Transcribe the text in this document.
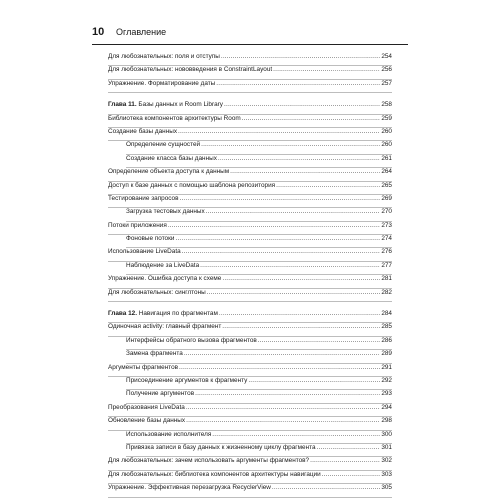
10	Оглавление
Для любознательных: поля и отступы .....	254
Для любознательных: нововведения в ConstraintLayout .....	256
Упражнение. Форматирование даты .....	257
Глава 11. Базы данных и Room Library .....	258
Библиотека компонентов архитектуры Room .....	259
Создание базы данных .....	260
Определение сущностей .....	260
Создание класса базы данных .....	261
Определение объекта доступа к данным .....	264
Доступ к базе данных с помощью шаблона репозитория .....	265
Тестирование запросов .....	269
Загрузка тестовых данных .....	270
Потоки приложения .....	273
Фоновые потоки .....	274
Использование LiveData .....	276
Наблюдение за LiveData .....	277
Упражнение. Ошибка доступа к схеме .....	281
Для любознательных: синглтоны .....	282
Глава 12. Навигация по фрагментам .....	284
Одиночная activity: главный фрагмент .....	285
Интерфейсы обратного вызова фрагментов .....	286
Замена фрагмента .....	289
Аргументы фрагментов .....	291
Присоединение аргументов к фрагменту .....	292
Получение аргументов .....	293
Преобразования LiveData .....	294
Обновление базы данных .....	298
Использование исполнителя .....	300
Привязка записи в базу данных к жизненному циклу фрагмента .....	301
Для любознательных: зачем использовать аргументы фрагментов? .....	302
Для любознательных: библиотека компонентов архитектуры навигации .....	303
Упражнение. Эффективная перезагрузка RecyclerView .....	305
